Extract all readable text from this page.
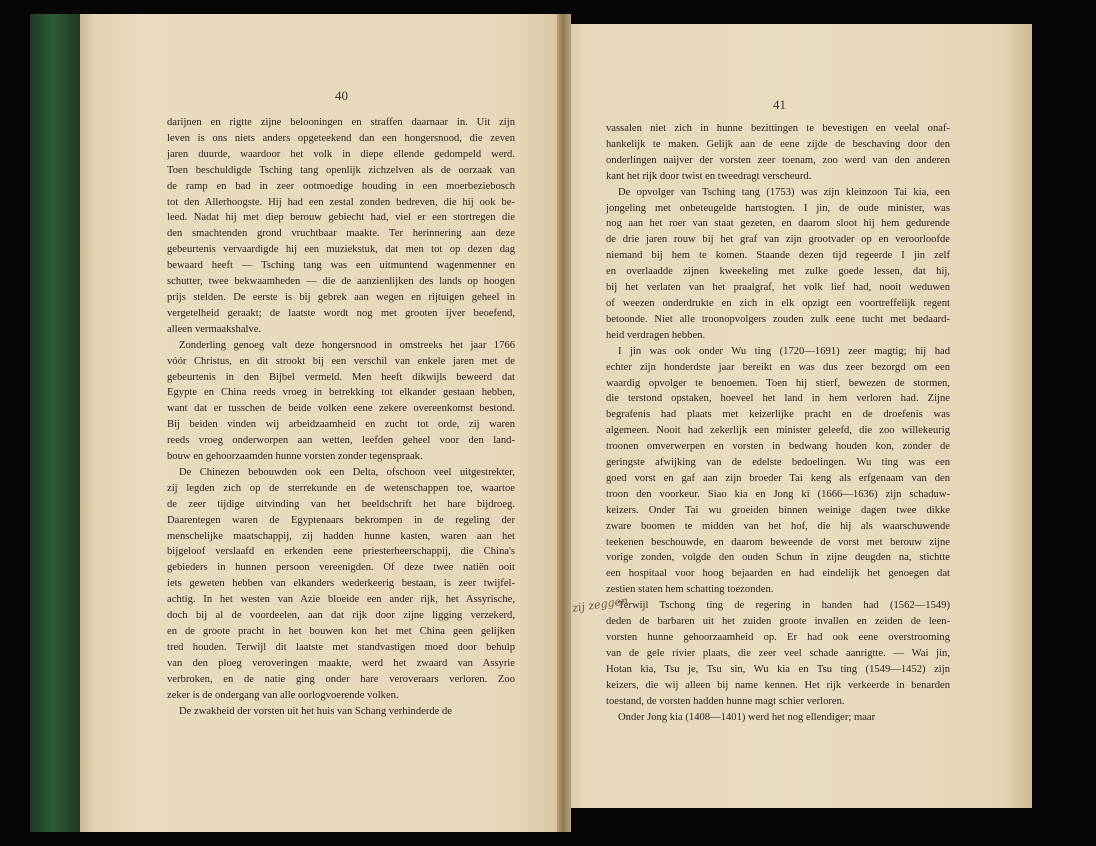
40
41
darijnen en rigtte zijne belooningen en straffen daarnaar in. Uit zijn
leven is ons niets anders opgeteekend dan een hongersnood, die zeven
jaren duurde, waardoor het volk in diepe ellende gedompeld werd.
Toen beschuldigde Tsching tang openlijk zichzelven als de oorzaak van
de ramp en bad in zeer ootmoedige houding in een moerbeziebosch
tot den Allerhoogste. Hij had een zestal zonden bedreven, die hij ook be-
leed. Nadat hij met diep berouw gebiecht had, viel er een stortregen die
den smachtenden grond vruchtbaar maakte. Ter herinnering aan deze
gebeurtenis vervaardigde hij een muziekstuk, dat men tot op dezen dag
bewaard heeft — Tsching tang was een uitmuntend wagenmenner en
schutter, twee bekwaamheden — die de aanzienlijken des lands op hoogen
prijs stelden. De eerste is bij gebrek aan wegen en rijtuigen geheel in
vergetelheid geraakt; de laatste wordt nog met grooten ijver beoefend,
alleen vermaakshalve.
Zonderling genoeg valt deze hongersnood in omstreeks het jaar 1766
vóór Christus, en dit strookt bij een verschil van enkele jaren met de
gebeurtenis in den Bijbel vermeld. Men heeft dikwijls beweerd dat
Egypte en China reeds vroeg in betrekking tot elkander gestaan hebben,
want dat er tusschen de beide volken eene zekere overeenkomst bestond.
Bij beiden vinden wij arbeidzaamheid en zucht tot orde, zij waren
reeds vroeg onderworpen aan wetten, leefden geheel voor den land-
bouw en gehoorzaamden hunne vorsten zonder tegenspraak.
De Chinezen bebouwden ook een Delta, ofschoon veel uitgestrekter,
zij legden zich op de sterrekunde en de wetenschappen toe, waartoe
de zeer tijdige uitvinding van het beeldschrift het hare bijdroeg.
Daarentegen waren de Egyptenaars bekrompen in de regeling der
menschelijke maatschappij, zij hadden hunne kasten, waren aan het
bijgeloof verslaafd en erkenden eene priesterheerschappij, die China's
gebieders in hunnen persoon vereenigden. Of deze twee natiën ooit
iets geweten hebben van elkanders wederkeerig bestaan, is zeer twijfel-
achtig. In het westen van Azie bloeide een ander rijk, het Assyrische,
doch bij al de voordeelen, aan dat rijk door zijne ligging verzekerd,
en de groote pracht in het bouwen kon het met China geen gelijken
tred houden. Terwijl dit laatste met standvastigen moed door behulp
van den ploeg veroveringen maakte, werd het zwaard van Assyrie
verbroken, en de natie ging onder hare veroveraars verloren. Zoo
zeker is de ondergang van alle oorlogvoerende volken.
De zwakheid der vorsten uit het huis van Schang verhinderde de
vassalen niet zich in hunne bezittingen te bevestigen en veelal onaf-
hankelijk te maken. Gelijk aan de eene zijde de beschaving door den
onderlingen naijver der vorsten zeer toenam, zoo werd van den anderen
kant het rijk door twist en tweedragt verscheurd.
De opvolger van Tsching tang (1753) was zijn kleinzoon Tai kia, een
jongeling met onbeteugelde hartstogten. I jin, de oude minister, was
nog aan het roer van staat gezeten, en daarom sloot hij hem gedurende
de drie jaren rouw bij het graf van zijn grootvader op en veroorloofde
niemand bij hem te komen. Staande dezen tijd regeerde I jin zelf
en overlaadde zijnen kweekeling met zulke goede lessen, dat hij,
bij het verlaten van het praalgraf, het volk lief had, nooit weduwen
of weezen onderdrukte en zich in elk opzigt een voortreffelijk regent
betoonde. Niet alle troonopvolgers zouden zulk eene tucht met bedaard-
heid verdragen hebben.
I jin was ook onder Wu ting (1720—1691) zeer magtig; hij had
echter zijn honderdste jaar bereikt en was dus zeer bezorgd om een
waardig opvolger te benoemen. Toen hij stierf, bewezen de stormen,
die terstond opstaken, hoeveel het land in hem verloren had. Zijne
begrafenis had plaats met keizerlijke pracht en de droefenis was
algemeen. Nooit had zekerlijk een minister geleefd, die zoo willekeurig
troonen omverwerpen en vorsten in bedwang houden kon, zonder de
geringste afwijking van de edelste bedoelingen. Wu ting was een
goed vorst en gaf aan zijn broeder Tai keng als erfgenaam van den
troon den voorkeur. Siao kia en Jong ki (1666—1636) zijn schaduw-
keizers. Onder Tai wu groeiden binnen weinige dagen twee dikke
zware boomen te midden van het hof, die hij als waarschuwende
teekenen beschouwde, en daarom beweende de vorst met berouw zijne
vorige zonden, volgde den ouden Schun in zijne deugden na, stichtte
een hospitaal voor hoog bejaarden en had eindelijk het genoegen dat
zestien staten hem schatting toezonden.
Terwijl Tschong ting de regering in handen had (1562—1549)
deden de barbaren uit het zuiden groote invallen en zeiden de leen-
vorsten hunne gehoorzaamheid op. Er had ook eene overstrooming
van de gele rivier plaats, die zeer veel schade aanrigtte. — Wai jin,
Hotan kia, Tsu je, Tsu sin, Wu kia en Tsu ting (1549—1452) zijn
keizers, die wij alleen bij name kennen. Het rijk verkeerde in benarden
toestand, de vorsten hadden hunne magt schier verloren.
Onder Jong kia (1408—1401) werd het nog ellendiger; maar
zij zeggen
